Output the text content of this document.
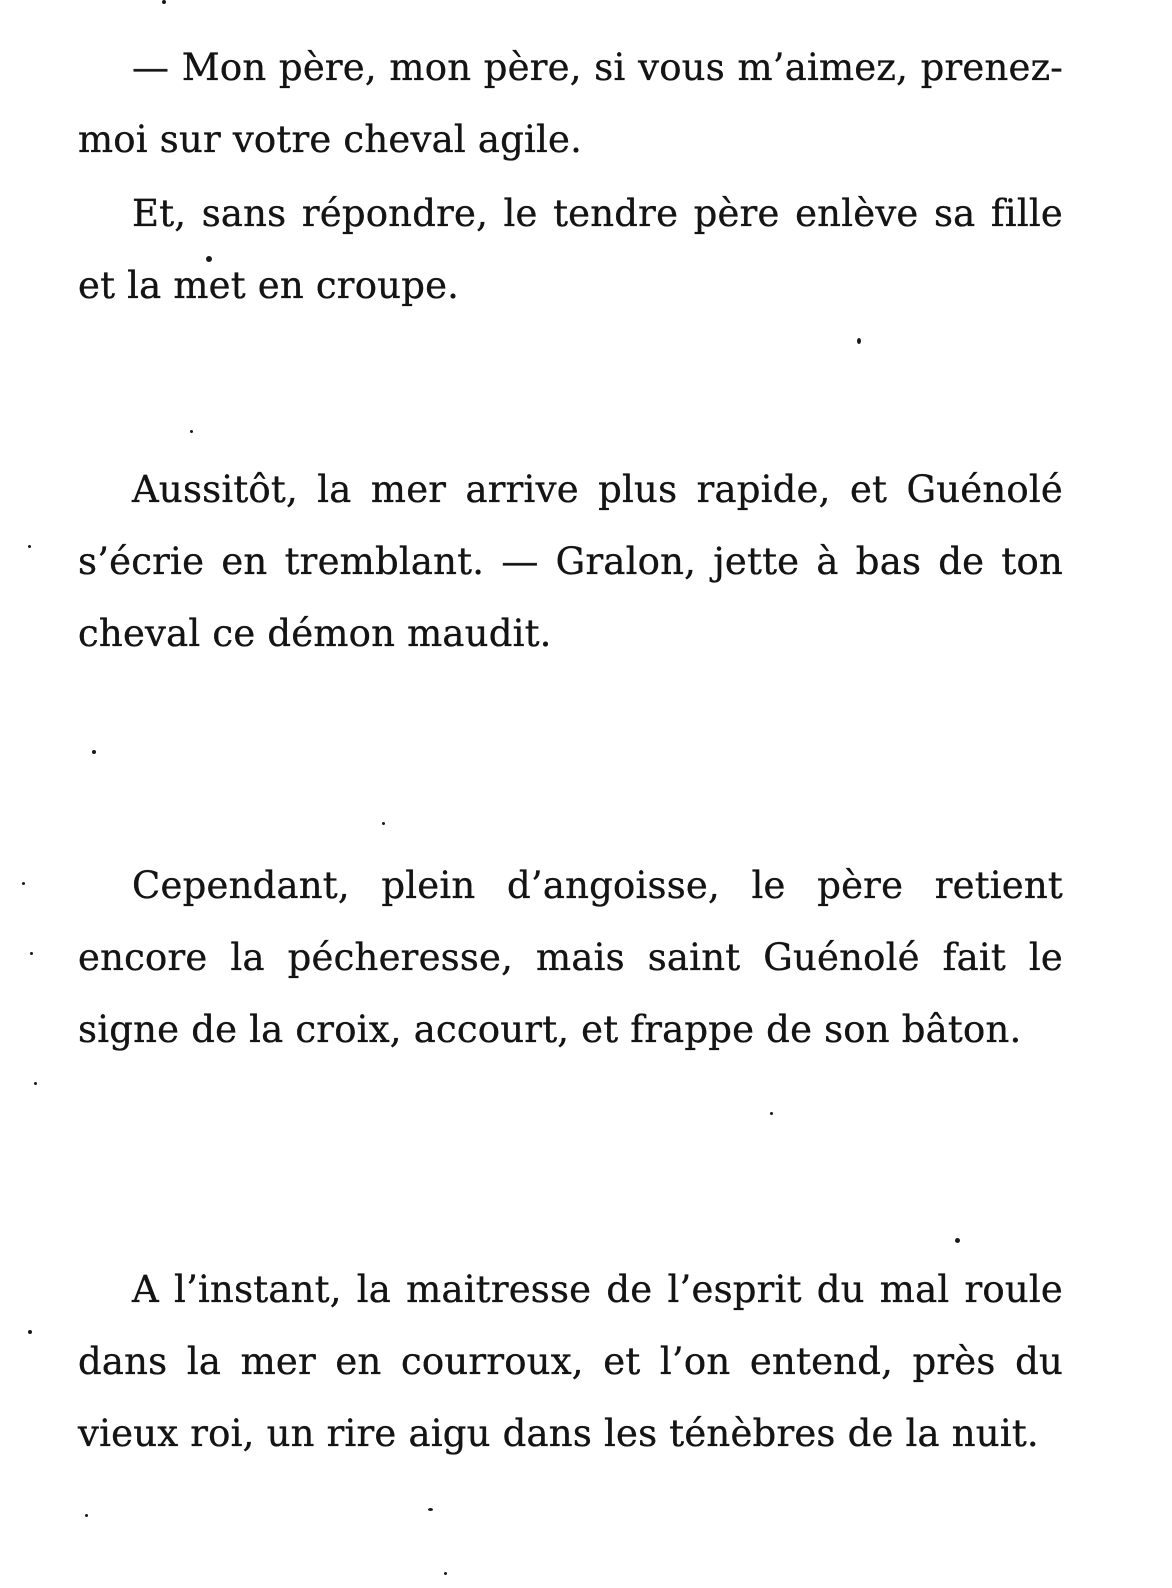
— Mon père, mon père, si vous m’aimez, prenez-moi sur votre cheval agile.

Et, sans répondre, le tendre père enlève sa fille et la met en croupe.

Aussitôt, la mer arrive plus rapide, et Guénolé s’écrie en tremblant. — Gralon, jette à bas de ton cheval ce démon maudit.

Cependant, plein d’angoisse, le père retient encore la pécheresse, mais saint Guénolé fait le signe de la croix, accourt, et frappe de son bâton.

A l’instant, la maitresse de l’esprit du mal roule dans la mer en courroux, et l’on entend, près du vieux roi, un rire aigu dans les ténèbres de la nuit.
